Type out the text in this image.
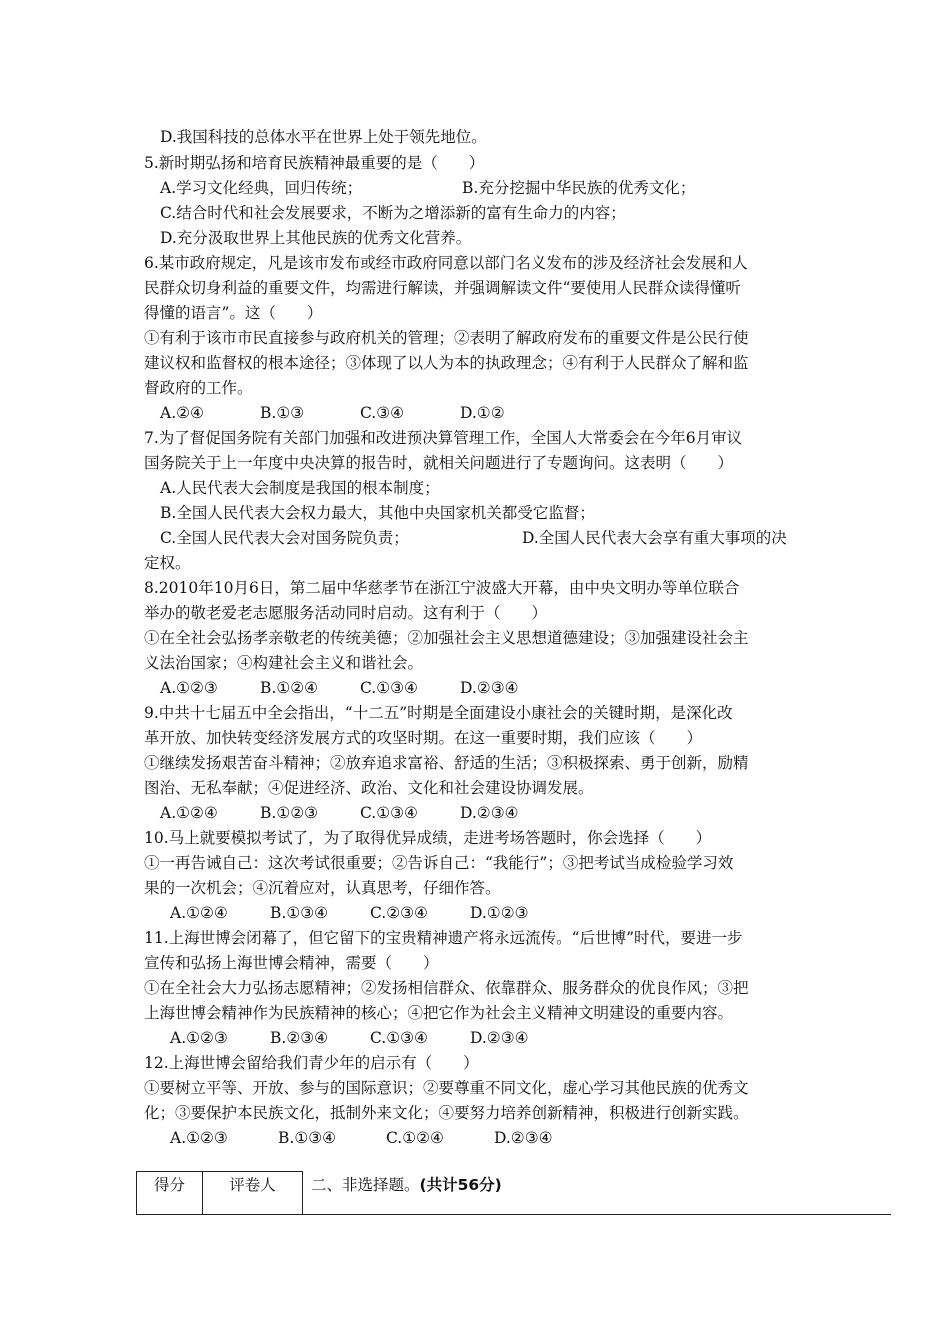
D.我国科技的总体水平在世界上处于领先地位。
5.新时期弘扬和培育民族精神最重要的是（　　）
C.结合时代和社会发展要求，不断为之增添新的富有生命力的内容；
D.充分汲取世界上其他民族的优秀文化营养。
6.某市政府规定，凡是该市发布或经市政府同意以部门名义发布的涉及经济社会发展和人
民群众切身利益的重要文件，均需进行解读，并强调解读文件“要使用人民群众读得懂听
得懂的语言”。这（　　）
①有利于该市市民直接参与政府机关的管理；②表明了解政府发布的重要文件是公民行使
建议权和监督权的根本途径；③体现了以人为本的执政理念；④有利于人民群众了解和监
督政府的工作。
7.为了督促国务院有关部门加强和改进预决算管理工作，全国人大常委会在今年6月审议
国务院关于上一年度中央决算的报告时，就相关问题进行了专题询问。这表明（　　）
A.人民代表大会制度是我国的根本制度；
B.全国人民代表大会权力最大，其他中央国家机关都受它监督；
定权。
8.2010年10月6日，第二届中华慈孝节在浙江宁波盛大开幕，由中央文明办等单位联合
举办的敬老爱老志愿服务活动同时启动。这有利于（　　）
①在全社会弘扬孝亲敬老的传统美德；②加强社会主义思想道德建设；③加强建设社会主
义法治国家；④构建社会主义和谐社会。
9.中共十七届五中全会指出，“十二五”时期是全面建设小康社会的关键时期，是深化改
革开放、加快转变经济发展方式的攻坚时期。在这一重要时期，我们应该（　　）
①继续发扬艰苦奋斗精神；②放弃追求富裕、舒适的生活；③积极探索、勇于创新，励精
图治、无私奉献；④促进经济、政治、文化和社会建设协调发展。
10.马上就要模拟考试了，为了取得优异成绩，走进考场答题时，你会选择（　　）
①一再告诫自己：这次考试很重要；②告诉自己：“我能行”；③把考试当成检验学习效
果的一次机会；④沉着应对，认真思考，仔细作答。
11.上海世博会闭幕了，但它留下的宝贵精神遗产将永远流传。“后世博”时代，要进一步
宣传和弘扬上海世博会精神，需要（　　）
①在全社会大力弘扬志愿精神；②发扬相信群众、依靠群众、服务群众的优良作风；③把
上海世博会精神作为民族精神的核心；④把它作为社会主义精神文明建设的重要内容。
12.上海世博会留给我们青少年的启示有（　　）
①要树立平等、开放、参与的国际意识；②要尊重不同文化，虚心学习其他民族的优秀文
化；③要保护本民族文化，抵制外来文化；④要努力培养创新精神，积极进行创新实践。
A.学习文化经典，回归传统；	B.充分挖掘中华民族的优秀文化；
A.②④	B.①③	C.③④	D.①②
C.全国人民代表大会对国务院负责；	D.全国人民代表大会享有重大事项的决
A.①②③	B.①②④	C.①③④	D.②③④
A.①②④	B.①②③	C.①③④	D.②③④
A.①②④	B.①③④	C.②③④	D.①②③
A.①②③	B.②③④	C.①③④	D.②③④
A.①②③	B.①③④	C.①②④	D.②③④
得分	评卷人	二、非选择题。(共计56分)
